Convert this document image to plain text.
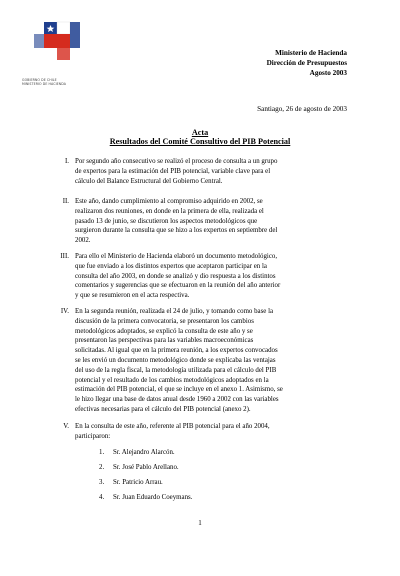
GOBIERNO DE CHILE
MINISTERIO DE HACIENDA
Ministerio de Hacienda
Dirección de Presupuestos
Agosto 2003
Santiago, 26 de agosto de 2003
Acta
Resultados del Comité Consultivo del PIB Potencial
I. Por segundo año consecutivo se realizó el proceso de consulta a un grupo
de expertos para la estimación del PIB potencial, variable clave para el
cálculo del Balance Estructural del Gobierno Central.
II. Este año, dando cumplimiento al compromiso adquirido en 2002, se
realizaron dos reuniones, en donde en la primera de ella, realizada el
pasado 13 de junio, se discutieron los aspectos metodológicos que
surgieron durante la consulta que se hizo a los expertos en septiembre del
2002.
III. Para ello el Ministerio de Hacienda elaboró un documento metodológico,
que fue enviado a los distintos expertos que aceptaron participar en la
consulta del año 2003, en donde se analizó y dio respuesta a los distintos
comentarios y sugerencias que se efectuaron en la reunión del año anterior
y que se resumieron en el acta respectiva.
IV. En la segunda reunión, realizada el 24 de julio, y tomando como base la
discusión de la primera convocatoria, se presentaron los cambios
metodológicos adoptados, se explicó la consulta de este año y se
presentaron las perspectivas para las variables macroeconómicas
solicitadas. Al igual que en la primera reunión, a los expertos convocados
se les envió un documento metodológico donde se explicaba las ventajas
del uso de la regla fiscal, la metodología utilizada para el cálculo del PIB
potencial y el resultado de los cambios metodológicos adoptados en la
estimación del PIB potencial, el que se incluye en el anexo 1. Asimismo, se
le hizo llegar una base de datos anual desde 1960 a 2002 con las variables
efectivas necesarias para el cálculo del PIB potencial (anexo 2).
V. En la consulta de este año, referente al PIB potencial para el año 2004,
participaron:
1. Sr. Alejandro Alarcón.
2. Sr. José Pablo Arellano.
3. Sr. Patricio Arrau.
4. Sr. Juan Eduardo Coeymans.
1
